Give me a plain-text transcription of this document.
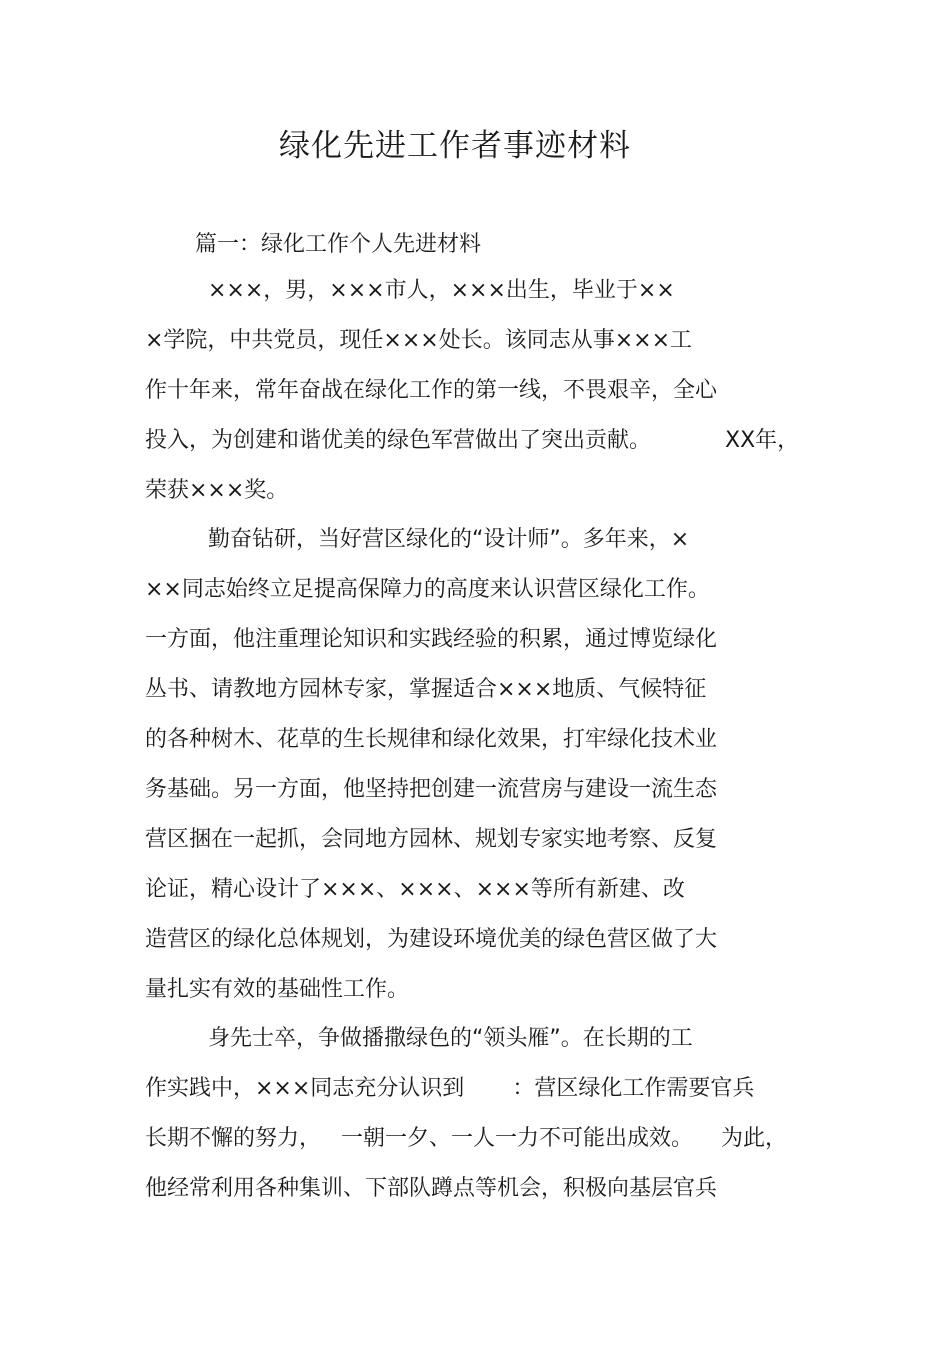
绿化先进工作者事迹材料
篇一：绿化工作个人先进材料
×××，男，×××市人，×××出生，毕业于××
×学院，中共党员，现任×××处长。该同志从事×××工
作十年来，常年奋战在绿化工作的第一线，不畏艰辛，全心
投入，为创建和谐优美的绿色军营做出了突出贡献。	XX年，
荣获×××奖。
勤奋钻研，当好营区绿化的“设计师”。多年来，×
××同志始终立足提高保障力的高度来认识营区绿化工作。
一方面，他注重理论知识和实践经验的积累，通过博览绿化
丛书、请教地方园林专家，掌握适合×××地质、气候特征
的各种树木、花草的生长规律和绿化效果，打牢绿化技术业
务基础。另一方面，他坚持把创建一流营房与建设一流生态
营区捆在一起抓，会同地方园林、规划专家实地考察、反复
论证，精心设计了×××、×××、×××等所有新建、改
造营区的绿化总体规划，为建设环境优美的绿色营区做了大
量扎实有效的基础性工作。
身先士卒，争做播撒绿色的“领头雁”。在长期的工
作实践中，×××同志充分认识到 ：营区绿化工作需要官兵
长期不懈的努力， 一朝一夕、一人一力不可能出成效。 为此，
他经常利用各种集训、下部队蹲点等机会，积极向基层官兵
